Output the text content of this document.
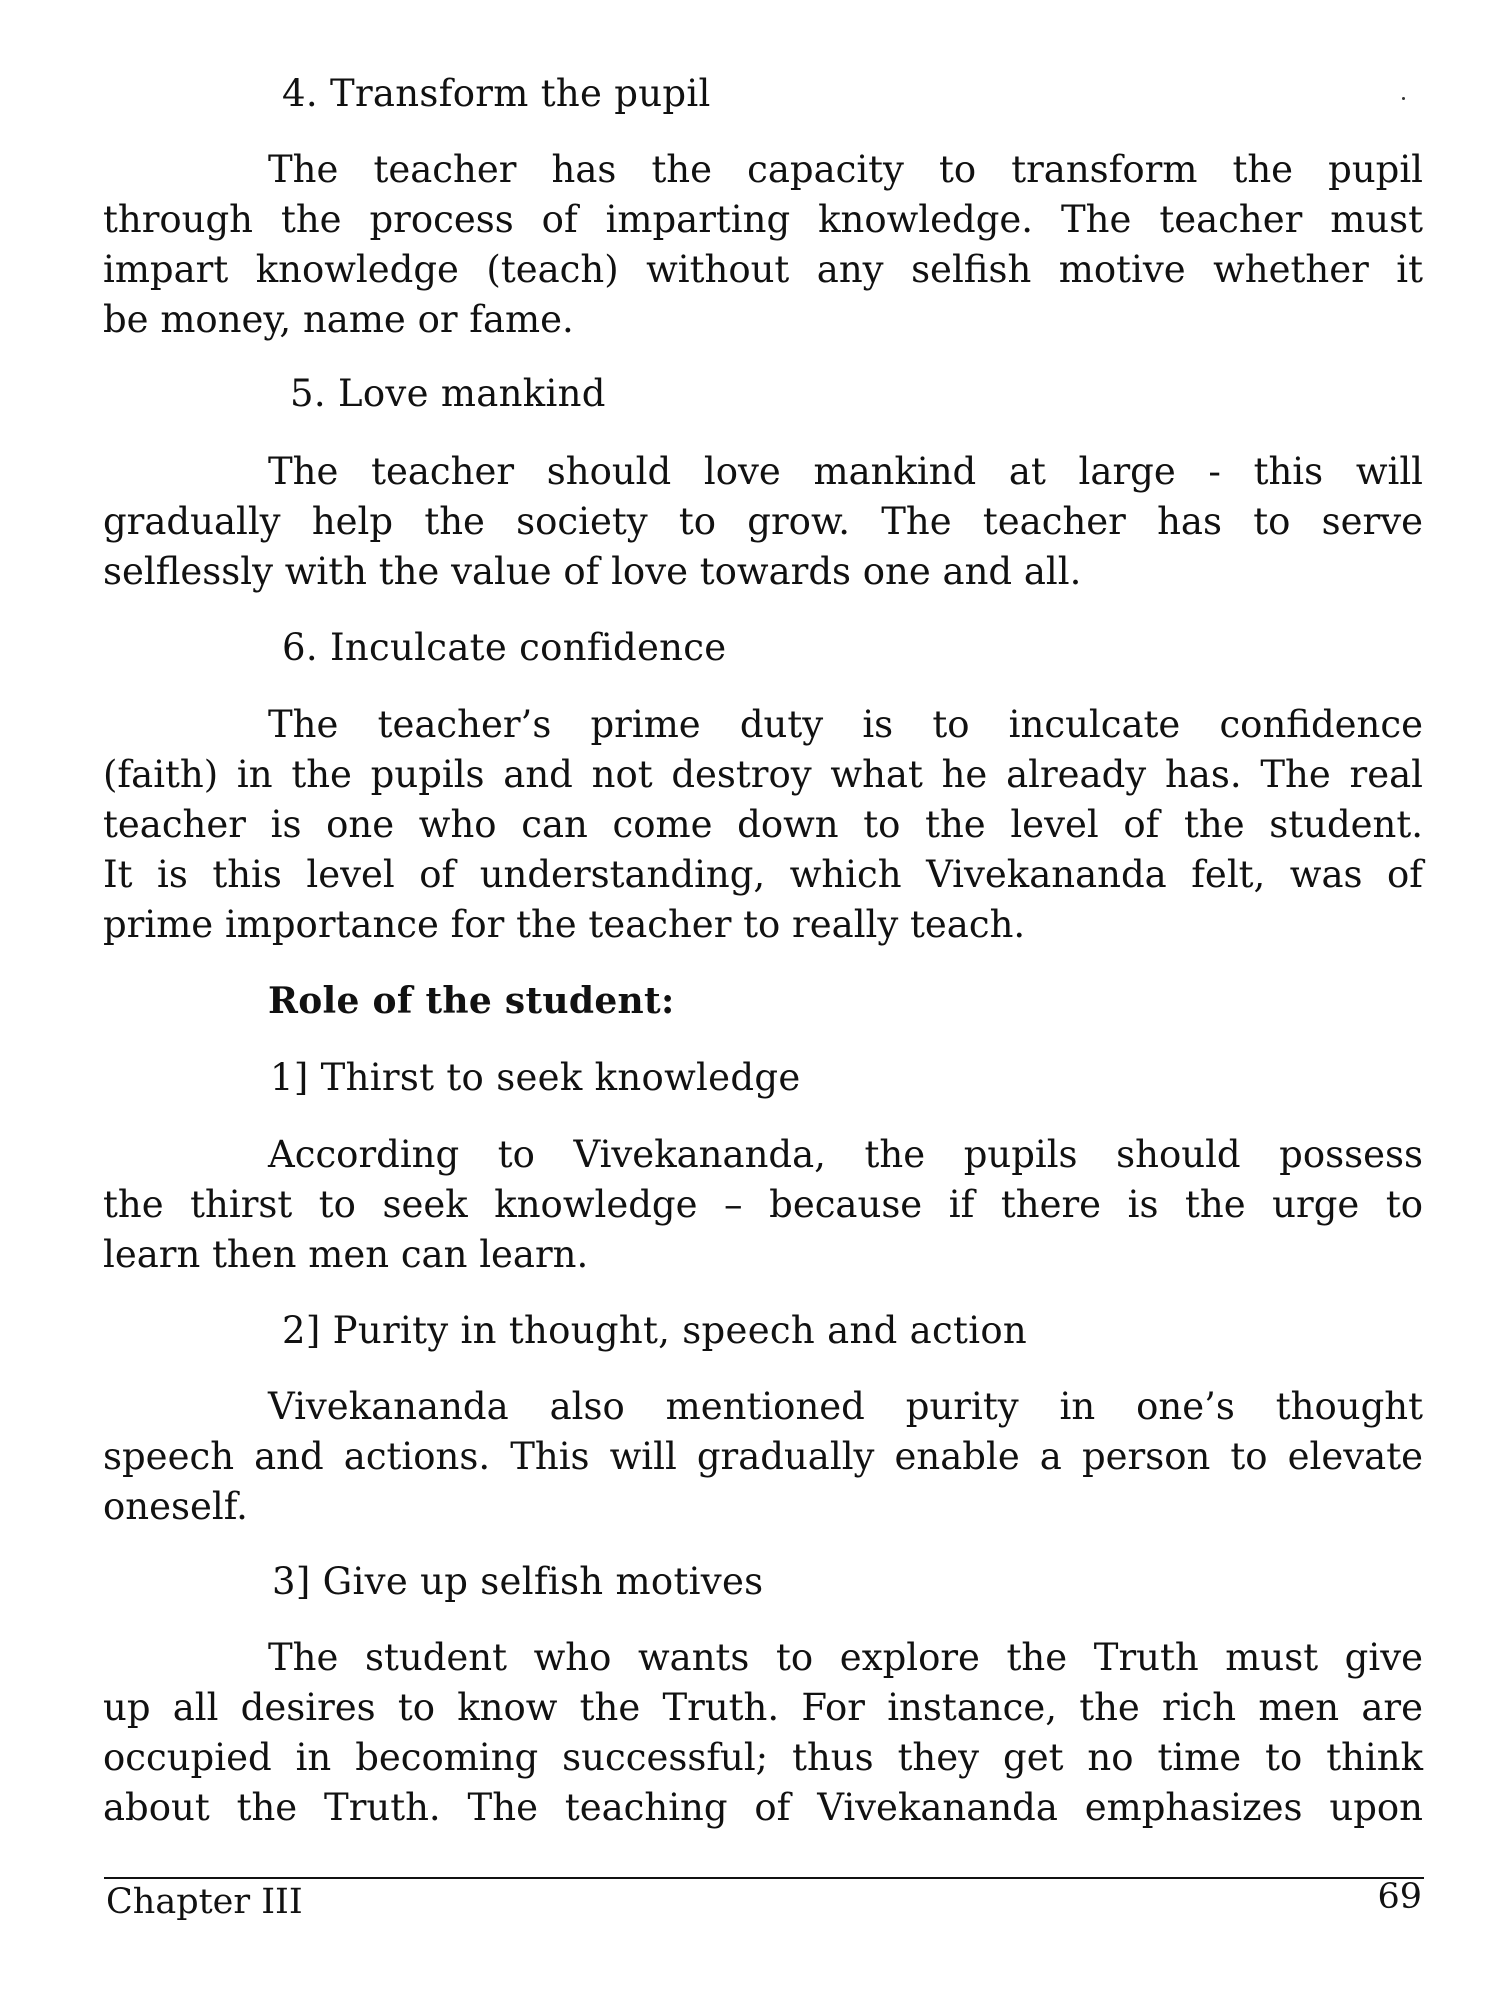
4. Transform the pupil
The teacher has the capacity to transform the pupil
through the process of imparting knowledge. The teacher must
impart knowledge (teach) without any selfish motive whether it
be money, name or fame.
5. Love mankind
The teacher should love mankind at large - this will
gradually help the society to grow. The teacher has to serve
selflessly with the value of love towards one and all.
6. Inculcate confidence
The teacher’s prime duty is to inculcate confidence
(faith) in the pupils and not destroy what he already has. The real
teacher is one who can come down to the level of the student.
It is this level of understanding, which Vivekananda felt, was of
prime importance for the teacher to really teach.
Role of the student:
1] Thirst to seek knowledge
According to Vivekananda, the pupils should possess
the thirst to seek knowledge – because if there is the urge to
learn then men can learn.
2] Purity in thought, speech and action
Vivekananda also mentioned purity in one’s thought
speech and actions. This will gradually enable a person to elevate
oneself.
3] Give up selfish motives
The student who wants to explore the Truth must give
up all desires to know the Truth. For instance, the rich men are
occupied in becoming successful; thus they get no time to think
about the Truth. The teaching of Vivekananda emphasizes upon
Chapter III	69
